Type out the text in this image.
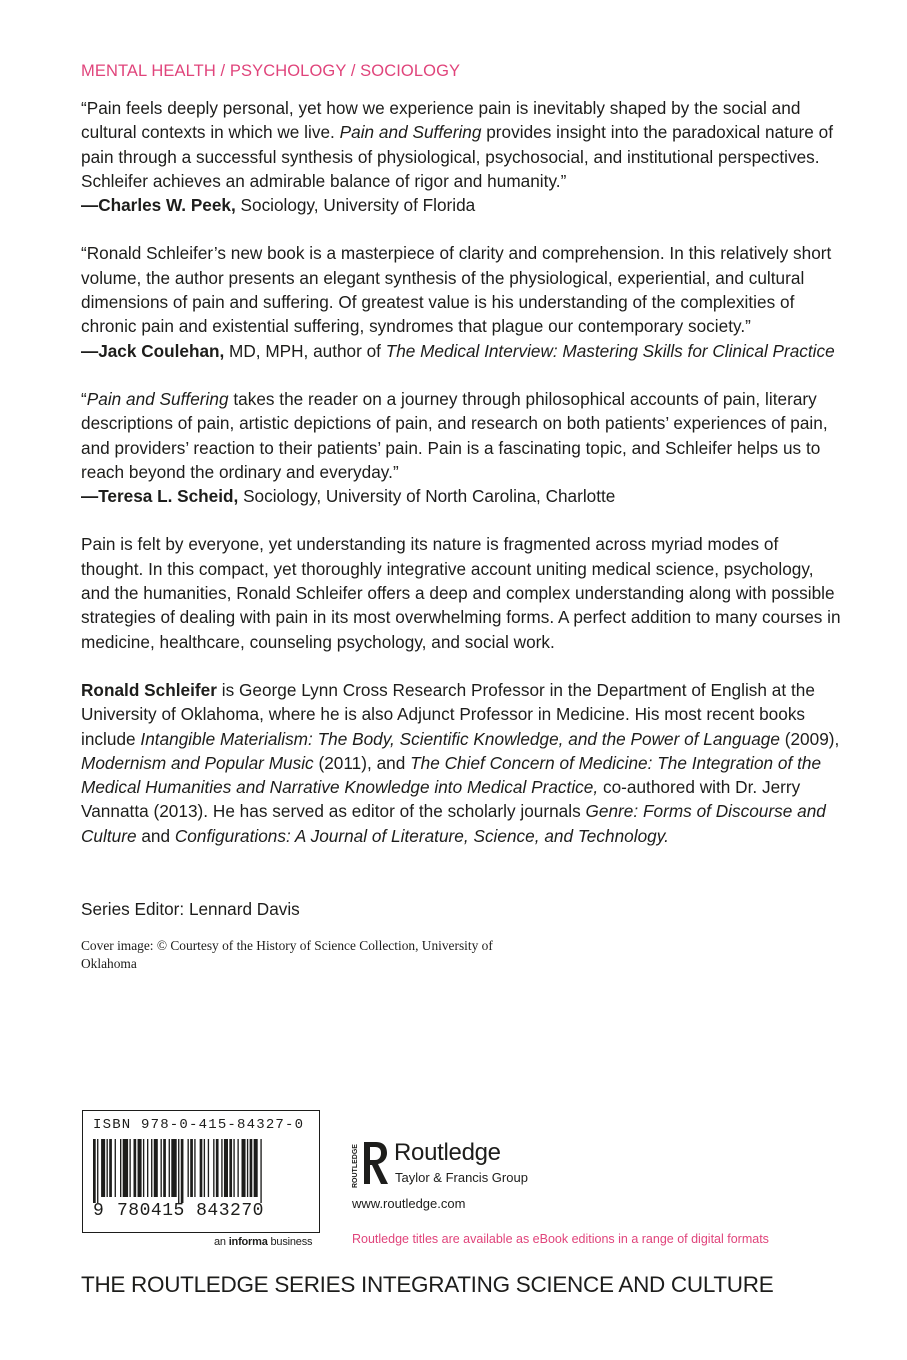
MENTAL HEALTH / PSYCHOLOGY / SOCIOLOGY

“Pain feels deeply personal, yet how we experience pain is inevitably shaped by the social and cultural contexts in which we live. Pain and Suffering provides insight into the paradoxical nature of pain through a successful synthesis of physiological, psychosocial, and institutional perspectives. Schleifer achieves an admirable balance of rigor and humanity.”

—Charles W. Peek, Sociology, University of Florida

“Ronald Schleifer’s new book is a masterpiece of clarity and comprehension. In this relatively short volume, the author presents an elegant synthesis of the physiological, experiential, and cultural dimensions of pain and suffering. Of greatest value is his understanding of the complexities of chronic pain and existential suffering, syndromes that plague our contemporary society.”

—Jack Coulehan, MD, MPH, author of The Medical Interview: Mastering Skills for Clinical Practice

“Pain and Suffering takes the reader on a journey through philosophical accounts of pain, literary descriptions of pain, artistic depictions of pain, and research on both patients’ experiences of pain, and providers’ reaction to their patients’ pain. Pain is a fascinating topic, and Schleifer helps us to reach beyond the ordinary and everyday.”

—Teresa L. Scheid, Sociology, University of North Carolina, Charlotte

Pain is felt by everyone, yet understanding its nature is fragmented across myriad modes of thought. In this compact, yet thoroughly integrative account uniting medical science, psychology, and the humanities, Ronald Schleifer offers a deep and complex understanding along with possible strategies of dealing with pain in its most overwhelming forms. A perfect addition to many courses in medicine, healthcare, counseling psychology, and social work.

Ronald Schleifer is George Lynn Cross Research Professor in the Department of English at the University of Oklahoma, where he is also Adjunct Professor in Medicine. His most recent books include Intangible Materialism: The Body, Scientific Knowledge, and the Power of Language (2009), Modernism and Popular Music (2011), and The Chief Concern of Medicine: The Integration of the Medical Humanities and Narrative Knowledge into Medical Practice, co-authored with Dr. Jerry Vannatta (2013). He has served as editor of the scholarly journals Genre: Forms of Discourse and Culture and Configurations: A Journal of Literature, Science, and Technology.

Series Editor: Lennard Davis
Cover image: © Courtesy of the History of Science Collection, University of Oklahoma
ISBN 978-0-415-84327-0
9 780415 843270
an informa business
ROUTLEDGE Routledge
Taylor & Francis Group
www.routledge.com
Routledge titles are available as eBook editions in a range of digital formats
THE ROUTLEDGE SERIES INTEGRATING SCIENCE AND CULTURE
